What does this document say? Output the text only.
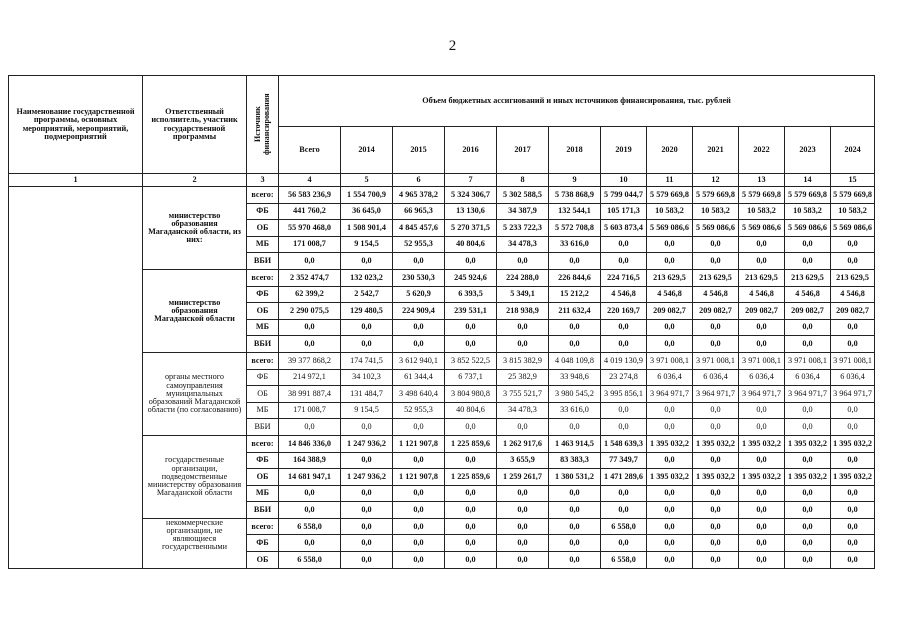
2
Наименование государственной программы, основных мероприятий, мероприятий, подмероприятий	Ответственный исполнитель, участник государственной программы	Источник финансирования	Объем бюджетных ассигнований и иных источников финансирования, тыс. рублей											
			Всего	2014	2015	2016	2017	2018	2019	2020	2021	2022	2023	2024
1	2	3	4	5	6	7	8	9	10	11	12	13	14	15
	министерство образования Магаданской области, из них:	всего:	56 583 236,9	1 554 700,9	4 965 378,2	5 324 306,7	5 302 588,5	5 738 868,9	5 799 044,7	5 579 669,8	5 579 669,8	5 579 669,8	5 579 669,8	5 579 669,8
		ФБ	441 760,2	36 645,0	66 965,3	13 130,6	34 387,9	132 544,1	105 171,3	10 583,2	10 583,2	10 583,2	10 583,2	10 583,2
		ОБ	55 970 468,0	1 508 901,4	4 845 457,6	5 270 371,5	5 233 722,3	5 572 708,8	5 603 873,4	5 569 086,6	5 569 086,6	5 569 086,6	5 569 086,6	5 569 086,6
		МБ	171 008,7	9 154,5	52 955,3	40 804,6	34 478,3	33 616,0	0,0	0,0	0,0	0,0	0,0	0,0
		ВБИ	0,0	0,0	0,0	0,0	0,0	0,0	0,0	0,0	0,0	0,0	0,0	0,0
	министерство образования Магаданской области	всего:	2 352 474,7	132 023,2	230 530,3	245 924,6	224 288,0	226 844,6	224 716,5	213 629,5	213 629,5	213 629,5	213 629,5	213 629,5
		ФБ	62 399,2	2 542,7	5 620,9	6 393,5	5 349,1	15 212,2	4 546,8	4 546,8	4 546,8	4 546,8	4 546,8	4 546,8
		ОБ	2 290 075,5	129 480,5	224 909,4	239 531,1	218 938,9	211 632,4	220 169,7	209 082,7	209 082,7	209 082,7	209 082,7	209 082,7
		МБ	0,0	0,0	0,0	0,0	0,0	0,0	0,0	0,0	0,0	0,0	0,0	0,0
		ВБИ	0,0	0,0	0,0	0,0	0,0	0,0	0,0	0,0	0,0	0,0	0,0	0,0
	органы местного самоуправления муниципальных образований Магаданской области (по согласованию)	всего:	39 377 868,2	174 741,5	3 612 940,1	3 852 522,5	3 815 382,9	4 048 109,8	4 019 130,9	3 971 008,1	3 971 008,1	3 971 008,1	3 971 008,1	3 971 008,1
		ФБ	214 972,1	34 102,3	61 344,4	6 737,1	25 382,9	33 948,6	23 274,8	6 036,4	6 036,4	6 036,4	6 036,4	6 036,4
		ОБ	38 991 887,4	131 484,7	3 498 640,4	3 804 980,8	3 755 521,7	3 980 545,2	3 995 856,1	3 964 971,7	3 964 971,7	3 964 971,7	3 964 971,7	3 964 971,7
		МБ	171 008,7	9 154,5	52 955,3	40 804,6	34 478,3	33 616,0	0,0	0,0	0,0	0,0	0,0	0,0
		ВБИ	0,0	0,0	0,0	0,0	0,0	0,0	0,0	0,0	0,0	0,0	0,0	0,0
	государственные организации, подведомственные министерству образования Магаданской области	всего:	14 846 336,0	1 247 936,2	1 121 907,8	1 225 859,6	1 262 917,6	1 463 914,5	1 548 639,3	1 395 032,2	1 395 032,2	1 395 032,2	1 395 032,2	1 395 032,2
		ФБ	164 388,9	0,0	0,0	0,0	3 655,9	83 383,3	77 349,7	0,0	0,0	0,0	0,0	0,0
		ОБ	14 681 947,1	1 247 936,2	1 121 907,8	1 225 859,6	1 259 261,7	1 380 531,2	1 471 289,6	1 395 032,2	1 395 032,2	1 395 032,2	1 395 032,2	1 395 032,2
		МБ	0,0	0,0	0,0	0,0	0,0	0,0	0,0	0,0	0,0	0,0	0,0	0,0
		ВБИ	0,0	0,0	0,0	0,0	0,0	0,0	0,0	0,0	0,0	0,0	0,0	0,0
	некоммерческие организации, не являющиеся государственными	всего:	6 558,0	0,0	0,0	0,0	0,0	0,0	6 558,0	0,0	0,0	0,0	0,0	0,0
		ФБ	0,0	0,0	0,0	0,0	0,0	0,0	0,0	0,0	0,0	0,0	0,0	0,0
		ОБ	6 558,0	0,0	0,0	0,0	0,0	0,0	6 558,0	0,0	0,0	0,0	0,0	0,0
